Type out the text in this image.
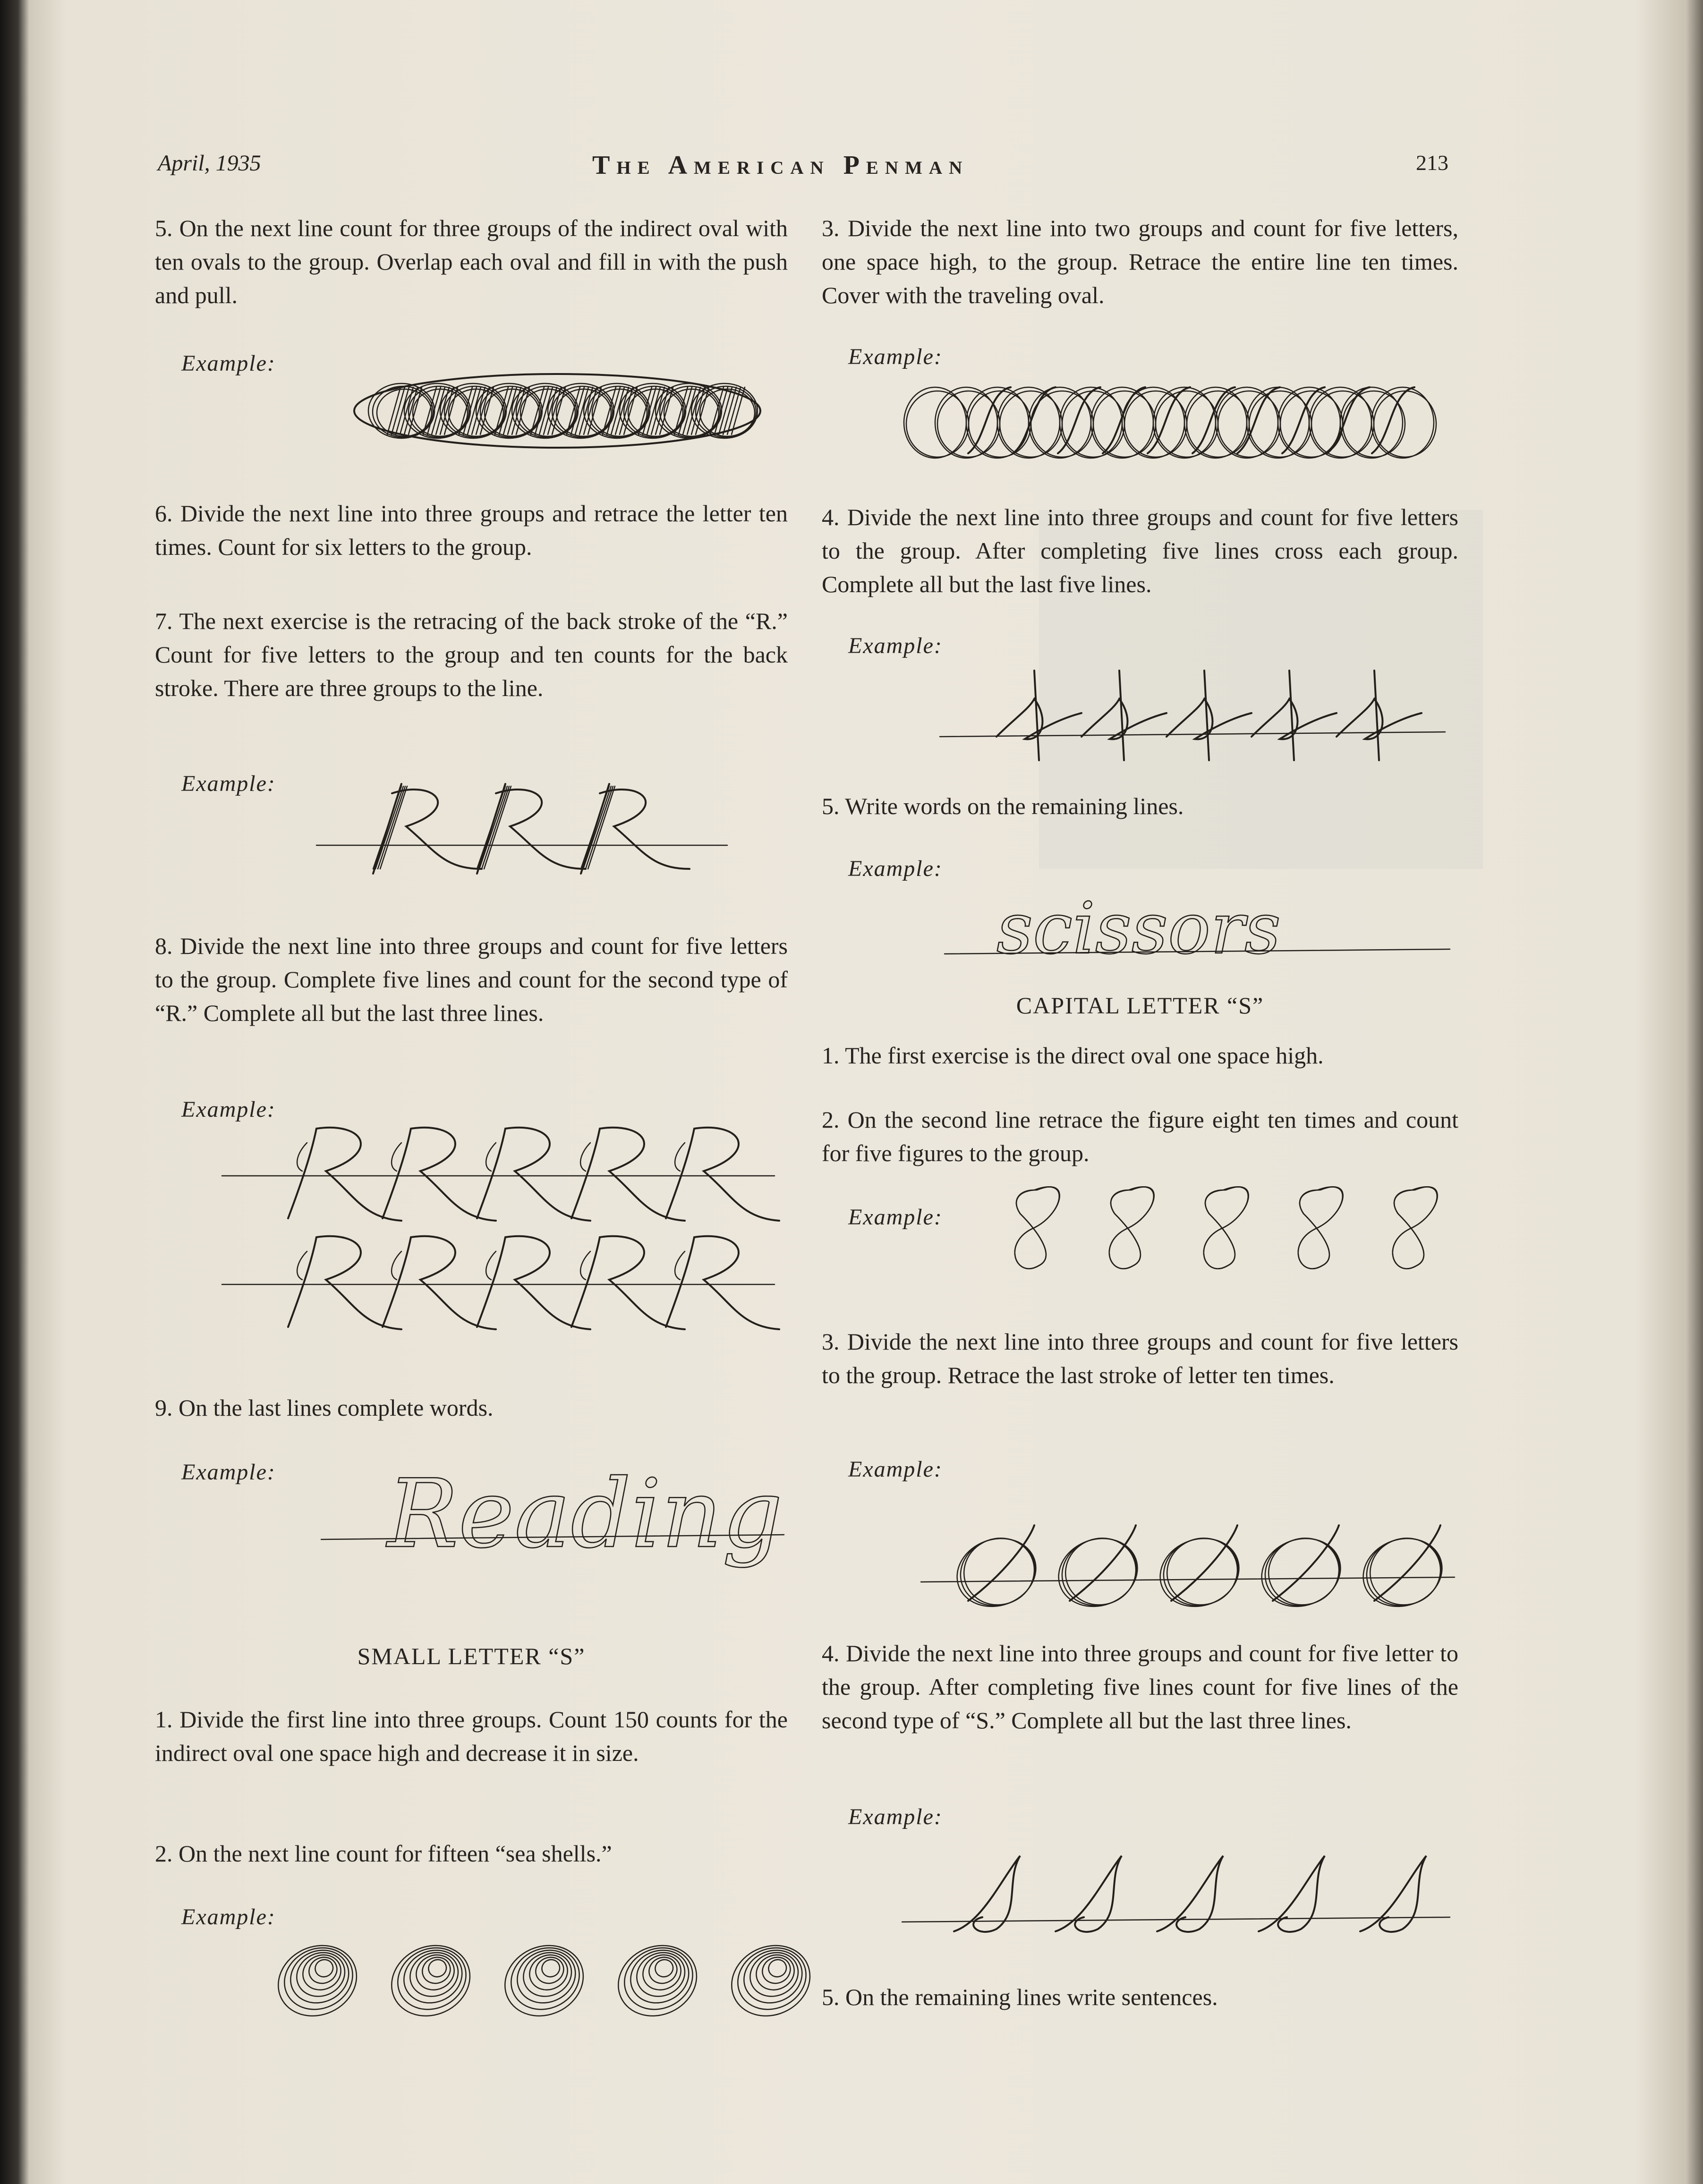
April, 1935	The American Penman	213

5. On the next line count for three groups of the indirect oval with ten ovals to the group. Overlap each oval and fill in with the push and pull.

Example:

6. Divide the next line into three groups and retrace the letter ten times. Count for six letters to the group.

7. The next exercise is the retracing of the back stroke of the “R.” Count for five letters to the group and ten counts for the back stroke. There are three groups to the line.

Example:

8. Divide the next line into three groups and count for five letters to the group. Complete five lines and count for the second type of “R.” Complete all but the last three lines.

Example:

9. On the last lines complete words.

Example: Reading
SMALL LETTER “S”

1. Divide the first line into three groups. Count 150 counts for the indirect oval one space high and decrease it in size.

2. On the next line count for fifteen “sea shells.”

Example:

3. Divide the next line into two groups and count for five letters, one space high, to the group. Retrace the entire line ten times. Cover with the traveling oval.

Example:

4. Divide the next line into three groups and count for five letters to the group. After completing five lines cross each group. Complete all but the last five lines.

Example:

5. Write words on the remaining lines.

Example:
scissors
CAPITAL LETTER “S”

1. The first exercise is the direct oval one space high.

2. On the second line retrace the figure eight ten times and count for five figures to the group.

Example:

3. Divide the next line into three groups and count for five letters to the group. Retrace the last stroke of letter ten times.

Example:

4. Divide the next line into three groups and count for five letter to the group. After completing five lines count for five lines of the second type of “S.” Complete all but the last three lines.

Example:

5. On the remaining lines write sentences.
